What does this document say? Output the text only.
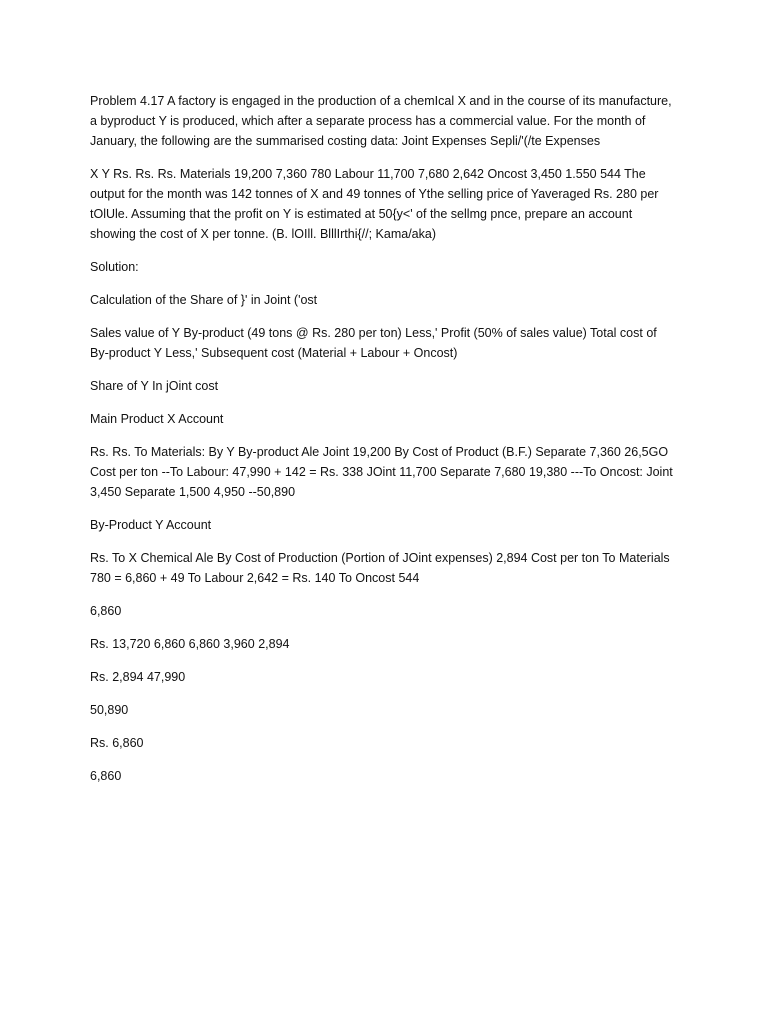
Problem 4.17 A factory is engaged in the production of a chemIcal X and in the course of its manufacture, a byproduct Y is produced, which after a separate process has a commercial value. For the month of January, the following are the summarised costing data: Joint Expenses Sepli/'(/te Expenses

X Y Rs. Rs. Rs. Materials 19,200 7,360 780 Labour 11,700 7,680 2,642 Oncost 3,450 1.550 544 The output for the month was 142 tonnes of X and 49 tonnes of Ythe selling price of Yaveraged Rs. 280 per tOlUle. Assuming that the profit on Y is estimated at 50{y<' of the sellmg pnce, prepare an account showing the cost of X per tonne. (B. lOIll. BlllIrthi{//; Kama/aka)

Solution:

Calculation of the Share of }' in Joint ('ost

Sales value of Y By-product (49 tons @ Rs. 280 per ton) Less,' Profit (50% of sales value) Total cost of By-product Y Less,' Subsequent cost (Material + Labour + Oncost)

Share of Y In jOint cost

Main Product X Account

Rs. Rs. To Materials: By Y By-product Ale Joint 19,200 By Cost of Product (B.F.) Separate 7,360 26,5GO Cost per ton --To Labour: 47,990 + 142 = Rs. 338 JOint 11,700 Separate 7,680 19,380 ---To Oncost: Joint 3,450 Separate 1,500 4,950 --50,890

By-Product Y Account

Rs. To X Chemical Ale By Cost of Production (Portion of JOint expenses) 2,894 Cost per ton To Materials 780 = 6,860 + 49 To Labour 2,642 = Rs. 140 To Oncost 544

6,860

Rs. 13,720 6,860 6,860 3,960 2,894

Rs. 2,894 47,990

50,890

Rs. 6,860

6,860
